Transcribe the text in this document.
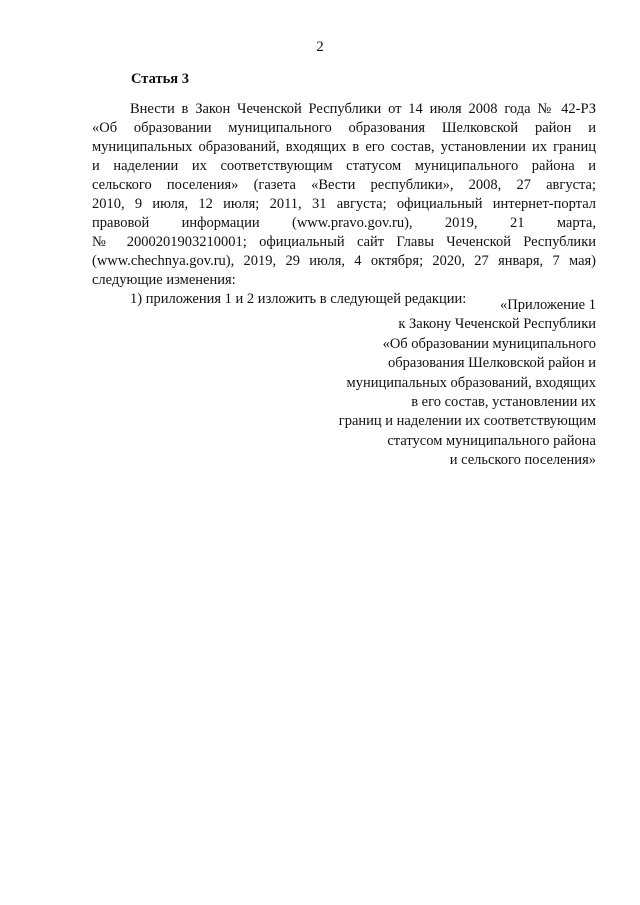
2
Статья 3
Внести в Закон Чеченской Республики от 14 июля 2008 года № 42-РЗ
«Об образовании муниципального образования Шелковской район и
муниципальных образований, входящих в его состав, установлении их границ
и наделении их соответствующим статусом муниципального района и
сельского поселения» (газета «Вести республики», 2008, 27 августа;
2010, 9 июля, 12 июля; 2011, 31 августа; официальный интернет-портал
правовой информации (www.pravo.gov.ru), 2019, 21 марта,
№ 2000201903210001; официальный сайт Главы Чеченской Республики
(www.chechnya.gov.ru), 2019, 29 июля, 4 октября; 2020, 27 января, 7 мая)
следующие изменения:
1) приложения 1 и 2 изложить в следующей редакции:	«Приложение 1
к Закону Чеченской Республики
«Об образовании муниципального
образования Шелковской район и
муниципальных образований, входящих
в его состав, установлении их
границ и наделении их соответствующим
статусом муниципального района
и сельского поселения»
